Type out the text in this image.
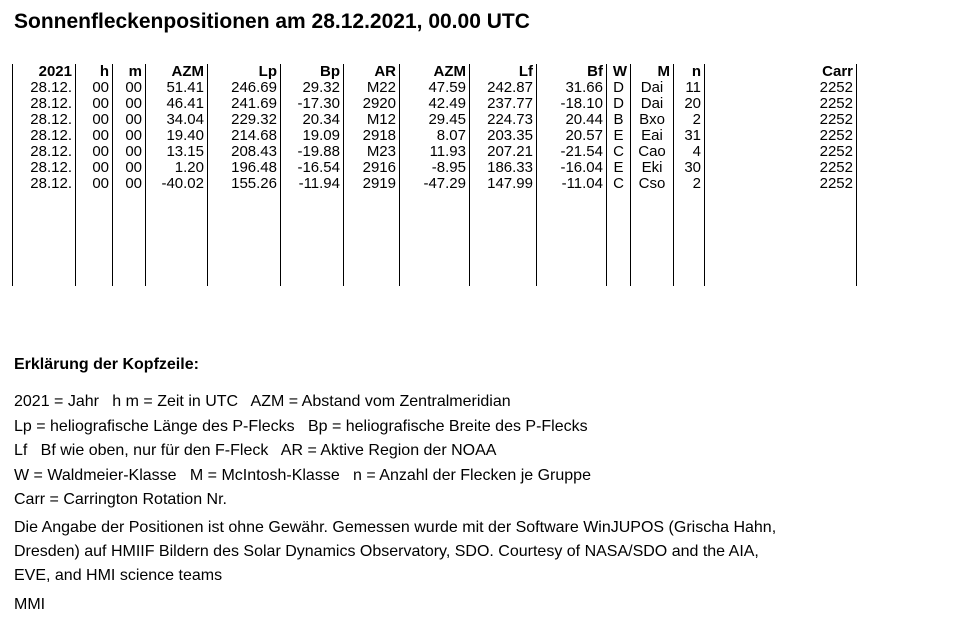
Sonnenfleckenpositionen am 28.12.2021, 00.00 UTC
2021	h	m	AZM	Lp	Bp	AR	AZM	Lf	Bf	W	M	n	Carr
28.12.	00	00	51.41	246.69	29.32	M22	47.59	242.87	31.66	D	Dai	11	2252
28.12.	00	00	46.41	241.69	-17.30	2920	42.49	237.77	-18.10	D	Dai	20	2252
28.12.	00	00	34.04	229.32	20.34	M12	29.45	224.73	20.44	B	Bxo	2	2252
28.12.	00	00	19.40	214.68	19.09	2918	8.07	203.35	20.57	E	Eai	31	2252
28.12.	00	00	13.15	208.43	-19.88	M23	11.93	207.21	-21.54	C	Cao	4	2252
28.12.	00	00	1.20	196.48	-16.54	2916	-8.95	186.33	-16.04	E	Eki	30	2252
28.12.	00	00	-40.02	155.26	-11.94	2919	-47.29	147.99	-11.04	C	Cso	2	2252

Erklärung der Kopfzeile:
2021 = Jahr   h m = Zeit in UTC   AZM = Abstand vom Zentralmeridian
Lp = heliografische Länge des P-Flecks   Bp = heliografische Breite des P-Flecks
Lf   Bf wie oben, nur für den F-Fleck   AR = Aktive Region der NOAA
W = Waldmeier-Klasse   M = McIntosh-Klasse   n = Anzahl der Flecken je Gruppe
Carr = Carrington Rotation Nr.
Die Angabe der Positionen ist ohne Gewähr. Gemessen wurde mit der Software WinJUPOS (Grischa Hahn,
Dresden) auf HMIIF Bildern des Solar Dynamics Observatory, SDO. Courtesy of NASA/SDO and the AIA,
EVE, and HMI science teams
MMI
